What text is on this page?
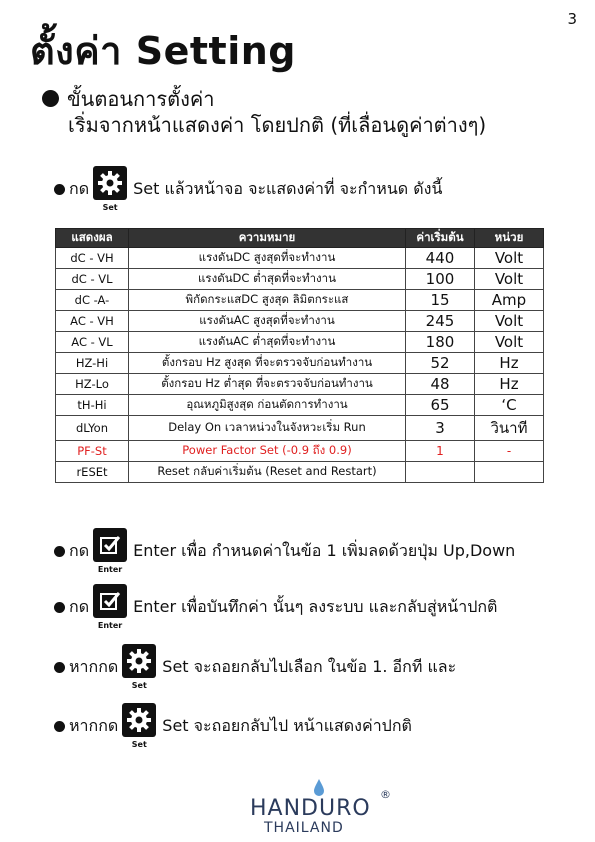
3
ตั้งค่า Setting
ขั้นตอนการตั้งค่า
เริ่มจากหน้าแสดงค่า โดยปกติ (ที่เลื่อนดูค่าต่างๆ)
กด
Set
Set แล้วหน้าจอ จะแสดงค่าที่ จะกำหนด ดังนี้
แสดงผล	ความหมาย	ค่าเริ่มต้น	หน่วย
dC - VH	แรงดันDC สูงสุดที่จะทำงาน	440	Volt
dC - VL	แรงดันDC ต่ำสุดที่จะทำงาน	100	Volt
dC -A-	พิกัดกระแสDC สูงสุด ลิมิตกระแส	15	Amp
AC - VH	แรงดันAC สูงสุดที่จะทำงาน	245	Volt
AC - VL	แรงดันAC ต่ำสุดที่จะทำงาน	180	Volt
HZ-Hi	ตั้งกรอบ Hz สูงสุด ที่จะตรวจจับก่อนทำงาน	52	Hz
HZ-Lo	ตั้งกรอบ Hz ต่ำสุด ที่จะตรวจจับก่อนทำงาน	48	Hz
tH-Hi	อุณหภูมิสูงสุด ก่อนตัดการทำงาน	65	‘C
dLYon	Delay On เวลาหน่วงในจังหวะเริ่ม Run	3	วินาที
PF-St	Power Factor Set (-0.9 ถึง 0.9)	1	-
rESEt	Reset กลับค่าเริ่มต้น (Reset and Restart)		
กด
Enter
Enter เพื่อ กำหนดค่าในข้อ 1 เพิ่มลดด้วยปุ่ม Up,Down
กด
Enter
Enter เพื่อบันทึกค่า นั้นๆ ลงระบบ และกลับสู่หน้าปกติ
หากกด
Set
Set จะถอยกลับไปเลือก ในข้อ 1. อีกที และ
หากกด
Set
Set จะถอยกลับไป หน้าแสดงค่าปกติ
HANDURO
®
THAILAND
